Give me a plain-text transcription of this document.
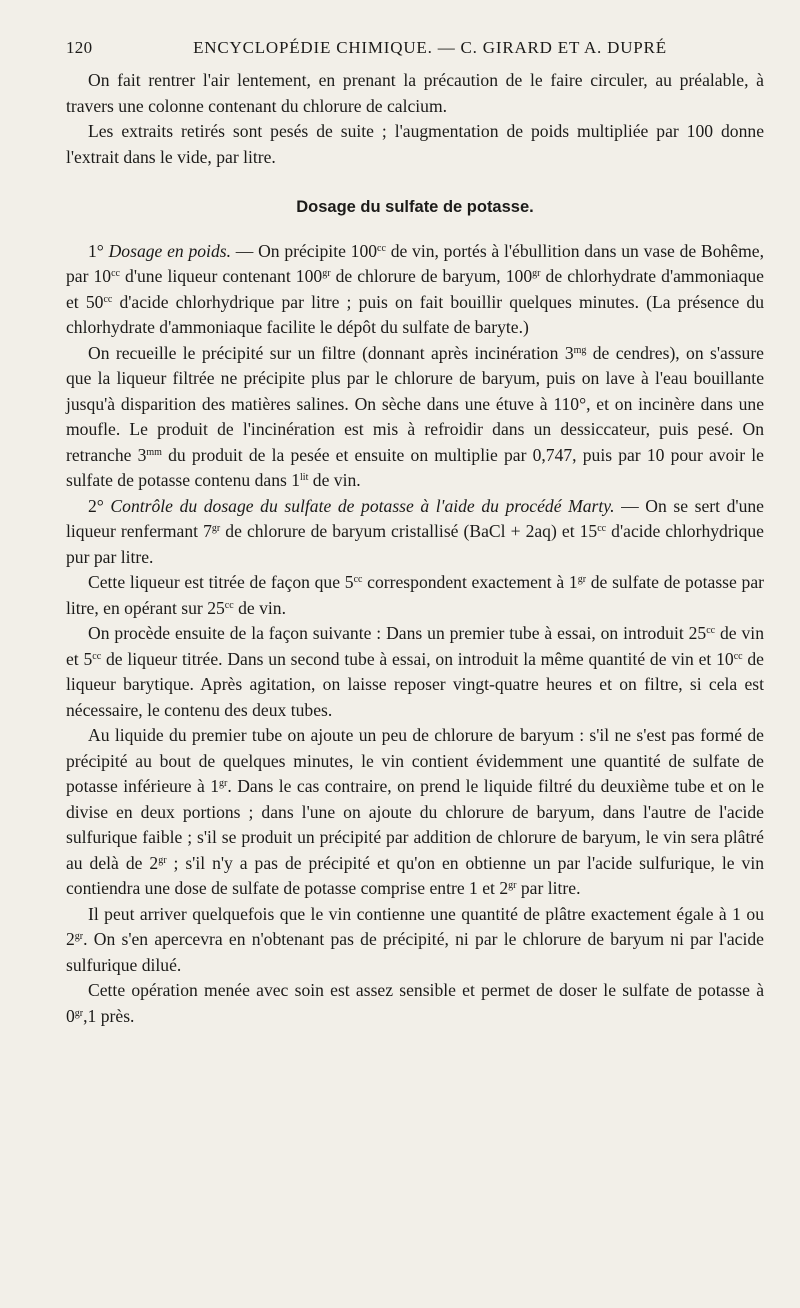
120	ENCYCLOPÉDIE CHIMIQUE. — C. GIRARD ET A. DUPRÉ

On fait rentrer l'air lentement, en prenant la précaution de le faire circuler, au préalable, à travers une colonne contenant du chlorure de calcium.

Les extraits retirés sont pesés de suite ; l'augmentation de poids multipliée par 100 donne l'extrait dans le vide, par litre.

Dosage du sulfate de potasse.

1° Dosage en poids. — On précipite $100^{cc}$ de vin, portés à l'ébullition dans un vase de Bohême, par $10^{cc}$ d'une liqueur contenant $100^{gr}$ de chlorure de baryum, $100^{gr}$ de chlorhydrate d'ammoniaque et $50^{cc}$ d'acide chlorhydrique par litre ; puis on fait bouillir quelques minutes. (La présence du chlorhydrate d'ammoniaque facilite le dépôt du sulfate de baryte.)

On recueille le précipité sur un filtre (donnant après incinération $3^{mg}$ de cendres), on s'assure que la liqueur filtrée ne précipite plus par le chlorure de baryum, puis on lave à l'eau bouillante jusqu'à disparition des matières salines. On sèche dans une étuve à 110°, et on incinère dans une moufle. Le produit de l'incinération est mis à refroidir dans un dessiccateur, puis pesé. On retranche $3^{mm}$ du produit de la pesée et ensuite on multiplie par 0,747, puis par 10 pour avoir le sulfate de potasse contenu dans $1^{lit}$ de vin.

2° Contrôle du dosage du sulfate de potasse à l'aide du procédé Marty. — On se sert d'une liqueur renfermant $7^{gr}$ de chlorure de baryum cristallisé (BaCl + 2aq) et $15^{cc}$ d'acide chlorhydrique pur par litre.

Cette liqueur est titrée de façon que $5^{cc}$ correspondent exactement à $1^{gr}$ de sulfate de potasse par litre, en opérant sur $25^{cc}$ de vin.

On procède ensuite de la façon suivante : Dans un premier tube à essai, on introduit $25^{cc}$ de vin et $5^{cc}$ de liqueur titrée. Dans un second tube à essai, on introduit la même quantité de vin et $10^{cc}$ de liqueur barytique. Après agitation, on laisse reposer vingt-quatre heures et on filtre, si cela est nécessaire, le contenu des deux tubes.

Au liquide du premier tube on ajoute un peu de chlorure de baryum : s'il ne s'est pas formé de précipité au bout de quelques minutes, le vin contient évidemment une quantité de sulfate de potasse inférieure à $1^{gr}$. Dans le cas contraire, on prend le liquide filtré du deuxième tube et on le divise en deux portions ; dans l'une on ajoute du chlorure de baryum, dans l'autre de l'acide sulfurique faible ; s'il se produit un précipité par addition de chlorure de baryum, le vin sera plâtré au delà de $2^{gr}$ ; s'il n'y a pas de précipité et qu'on en obtienne un par l'acide sulfurique, le vin contiendra une dose de sulfate de potasse comprise entre 1 et $2^{gr}$ par litre.

Il peut arriver quelquefois que le vin contienne une quantité de plâtre exactement égale à 1 ou $2^{gr}$. On s'en apercevra en n'obtenant pas de précipité, ni par le chlorure de baryum ni par l'acide sulfurique dilué.

Cette opération menée avec soin est assez sensible et permet de doser le sulfate de potasse à $0^{gr},1$ près.
